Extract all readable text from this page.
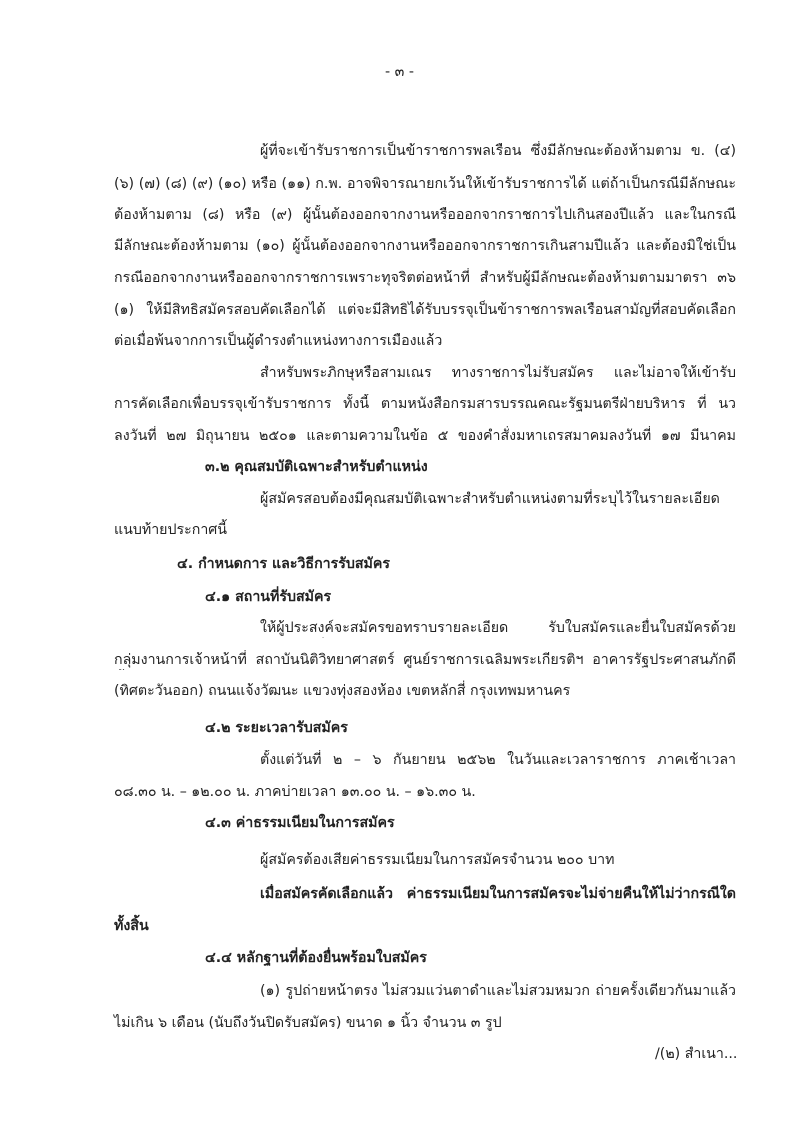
- ๓ -
ผู้ที่จะเข้ารับราชการเป็นข้าราชการพลเรือน ซึ่งมีลักษณะต้องห้ามตาม ข. (๔)
(๖) (๗) (๘) (๙) (๑๐) หรือ (๑๑) ก.พ. อาจพิจารณายกเว้นให้เข้ารับราชการได้ แต่ถ้าเป็นกรณีมีลักษณะ
ต้องห้ามตาม (๘) หรือ (๙) ผู้นั้นต้องออกจากงานหรือออกจากราชการไปเกินสองปีแล้ว และในกรณี
มีลักษณะต้องห้ามตาม (๑๐) ผู้นั้นต้องออกจากงานหรือออกจากราชการเกินสามปีแล้ว และต้องมิใช่เป็น
กรณีออกจากงานหรือออกจากราชการเพราะทุจริตต่อหน้าที่ สำหรับผู้มีลักษณะต้องห้ามตามมาตรา ๓๖
(๑) ให้มีสิทธิสมัครสอบคัดเลือกได้ แต่จะมีสิทธิได้รับบรรจุเป็นข้าราชการพลเรือนสามัญที่สอบคัดเลือก
ต่อเมื่อพ้นจากการเป็นผู้ดำรงตำแหน่งทางการเมืองแล้ว
สำหรับพระภิกษุหรือสามเณร ทางราชการไม่รับสมัคร และไม่อาจให้เข้ารับ
การคัดเลือกเพื่อบรรจุเข้ารับราชการ ทั้งนี้ ตามหนังสือกรมสารบรรณคณะรัฐมนตรีฝ่ายบริหาร ที่ นว
ลงวันที่ ๒๗ มิถุนายน ๒๕๐๑ และตามความในข้อ ๕ ของคำสั่งมหาเถรสมาคมลงวันที่ ๑๗ มีนาคม
๓.๒ คุณสมบัติเฉพาะสำหรับตำแหน่ง
ผู้สมัครสอบต้องมีคุณสมบัติเฉพาะสำหรับตำแหน่งตามที่ระบุไว้ในรายละเอียด
แนบท้ายประกาศนี้
๔. กำหนดการ และวิธีการรับสมัคร
๔.๑ สถานที่รับสมัคร
ให้ผู้ประสงค์จะสมัครขอทราบรายละเอียด รับใบสมัครและยื่นใบสมัครด้วย
กลุ่มงานการเจ้าหน้าที่ สถาบันนิติวิทยาศาสตร์ ศูนย์ราชการเฉลิมพระเกียรติฯ อาคารรัฐประศาสนภักดี
(ทิศตะวันออก) ถนนแจ้งวัฒนะ แขวงทุ่งสองห้อง เขตหลักสี่ กรุงเทพมหานคร
๔.๒ ระยะเวลารับสมัคร
ตั้งแต่วันที่ ๒ – ๖ กันยายน ๒๕๖๒ ในวันและเวลาราชการ ภาคเช้าเวลา
๐๘.๓๐ น. – ๑๒.๐๐ น. ภาคบ่ายเวลา ๑๓.๐๐ น. – ๑๖.๓๐ น.
๔.๓ ค่าธรรมเนียมในการสมัคร
ผู้สมัครต้องเสียค่าธรรมเนียมในการสมัครจำนวน ๒๐๐ บาท
เมื่อสมัครคัดเลือกแล้ว ค่าธรรมเนียมในการสมัครจะไม่จ่ายคืนให้ไม่ว่ากรณีใด
ทั้งสิ้น
๔.๔ หลักฐานที่ต้องยื่นพร้อมใบสมัคร
(๑) รูปถ่ายหน้าตรง ไม่สวมแว่นตาดำและไม่สวมหมวก ถ่ายครั้งเดียวกันมาแล้ว
ไม่เกิน ๖ เดือน (นับถึงวันปิดรับสมัคร) ขนาด ๑ นิ้ว จำนวน ๓ รูป
/(๒) สำเนา...
